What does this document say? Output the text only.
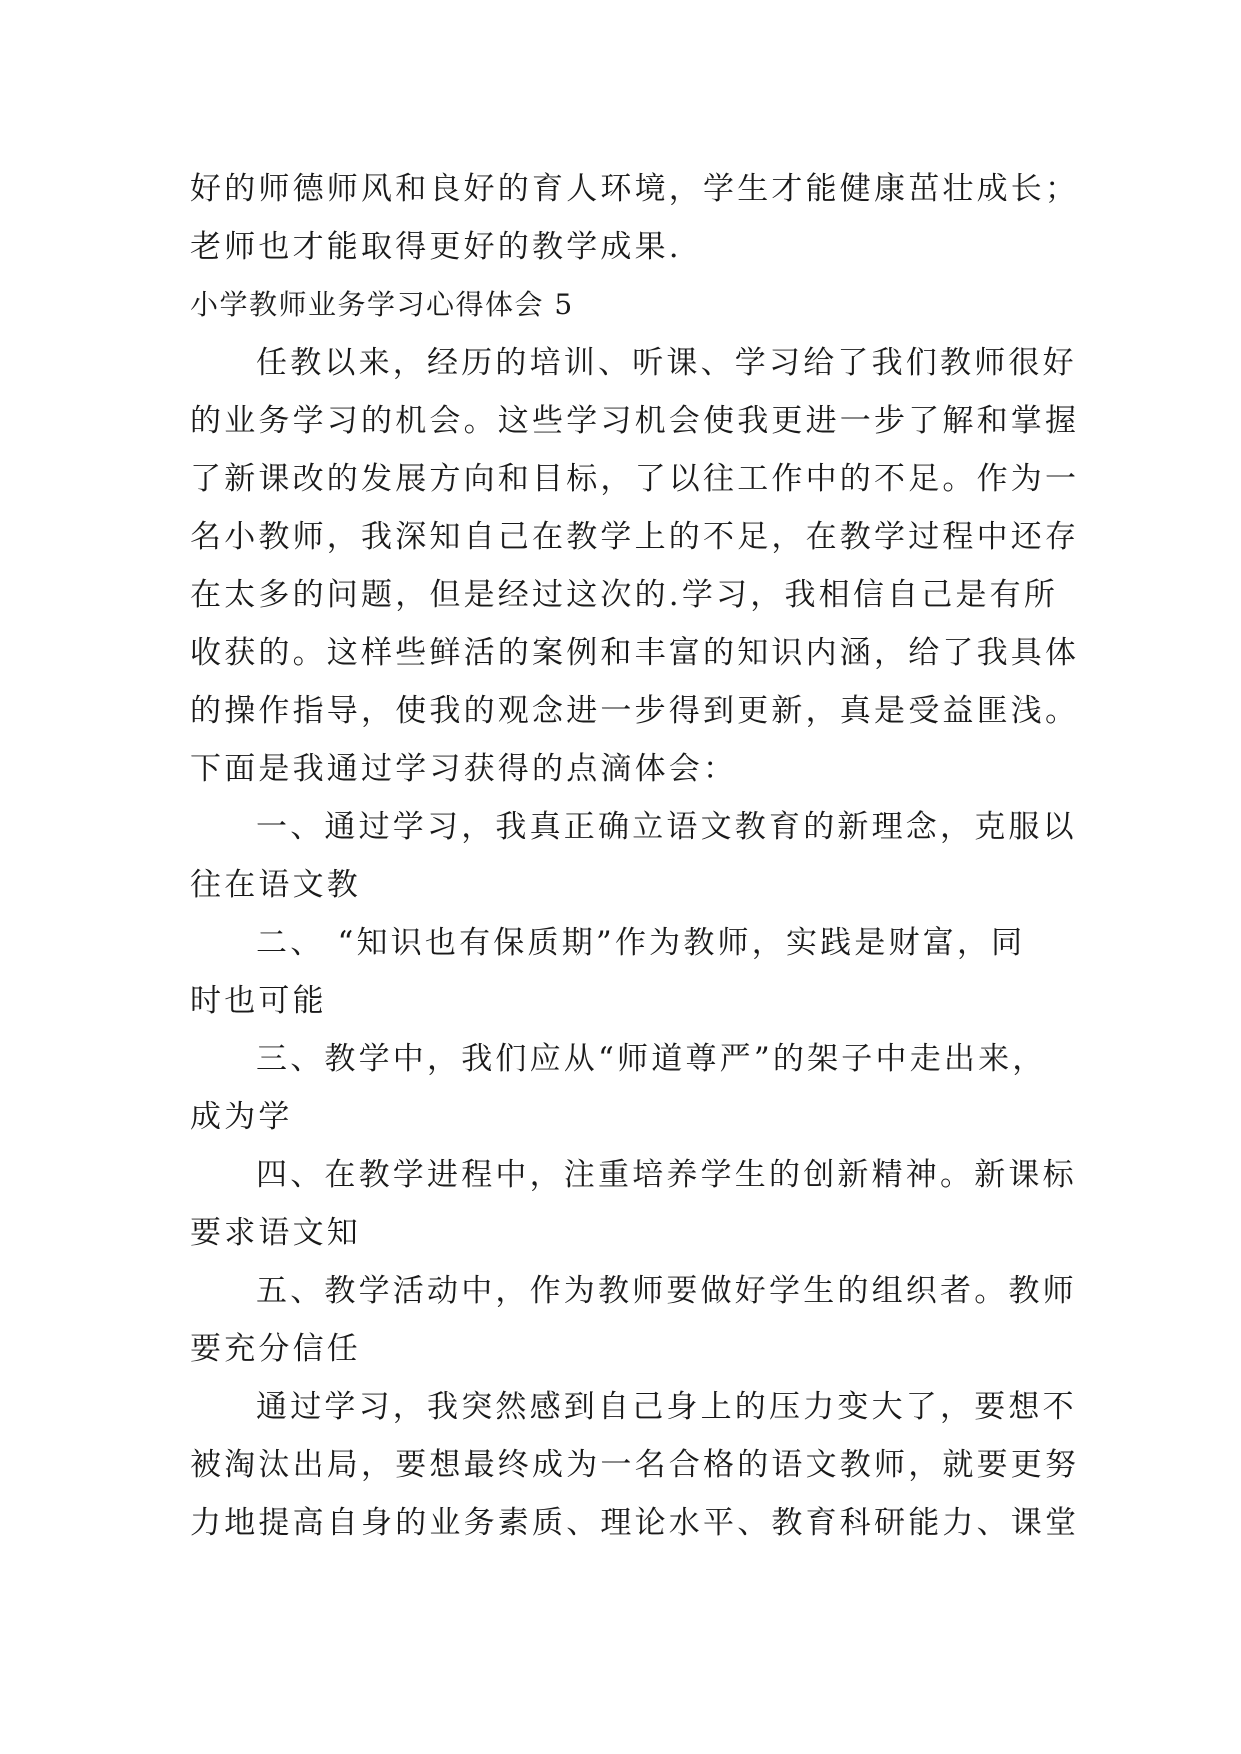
好的师德师风和良好的育人环境，学生才能健康茁壮成长；
老师也才能取得更好的教学成果.
小学教师业务学习心得体会 5
任教以来，经历的培训、听课、学习给了我们教师很好
的业务学习的机会。这些学习机会使我更进一步了解和掌握
了新课改的发展方向和目标，了以往工作中的不足。作为一
名小教师，我深知自己在教学上的不足，在教学过程中还存
在太多的问题，但是经过这次的.学习，我相信自己是有所
收获的。这样些鲜活的案例和丰富的知识内涵，给了我具体
的操作指导，使我的观念进一步得到更新，真是受益匪浅。
下面是我通过学习获得的点滴体会：
一、通过学习，我真正确立语文教育的新理念，克服以
往在语文教
二、 “知识也有保质期”作为教师，实践是财富，同
时也可能
三、教学中，我们应从“师道尊严”的架子中走出来，
成为学
四、在教学进程中，注重培养学生的创新精神。新课标
要求语文知
五、教学活动中，作为教师要做好学生的组织者。教师
要充分信任
通过学习，我突然感到自己身上的压力变大了，要想不
被淘汰出局，要想最终成为一名合格的语文教师，就要更努
力地提高自身的业务素质、理论水平、教育科研能力、课堂
